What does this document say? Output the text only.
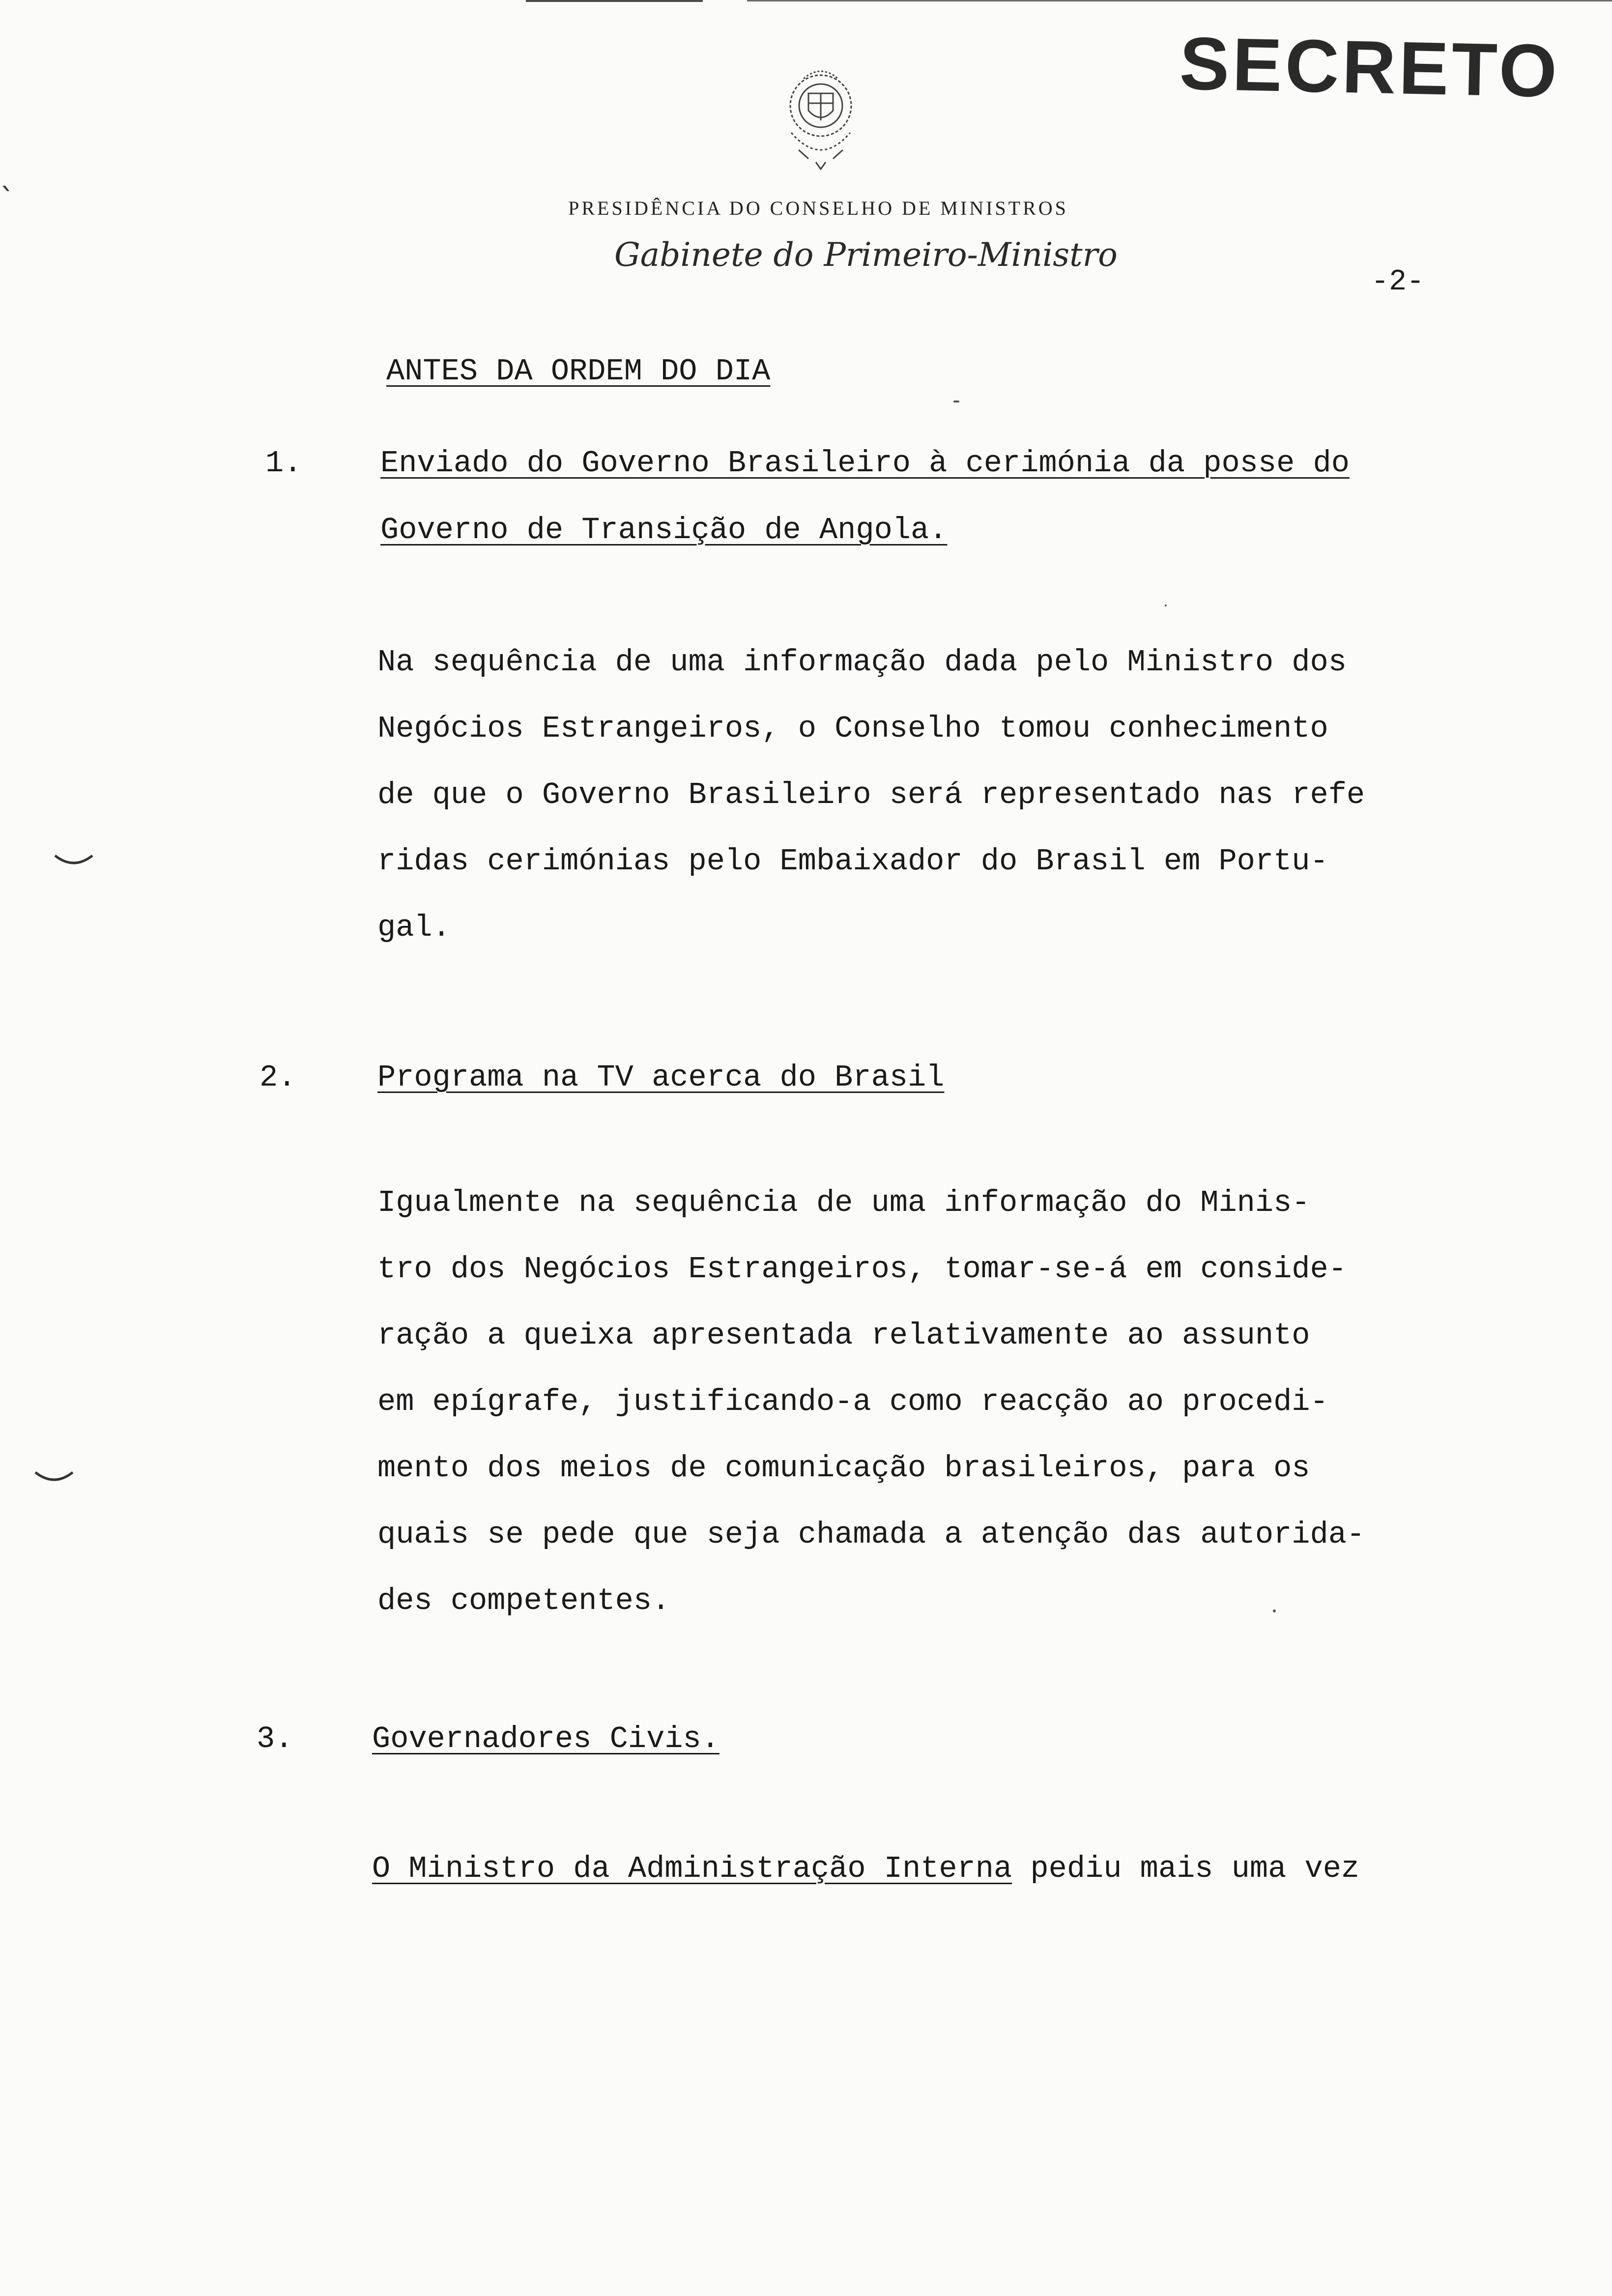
SECRETO
PRESIDÊNCIA DO CONSELHO DE MINISTROS
Gabinete do Primeiro-Ministro
-2-
ANTES DA ORDEM DO DIA
1.	Enviado do Governo Brasileiro à cerimónia da posse do
Governo de Transição de Angola.
Na sequência de uma informação dada pelo Ministro dos
Negócios Estrangeiros, o Conselho tomou conhecimento
de que o Governo Brasileiro será representado nas refe
ridas cerimónias pelo Embaixador do Brasil em Portu-
gal.
2.	Programa na TV acerca do Brasil
Igualmente na sequência de uma informação do Minis-
tro dos Negócios Estrangeiros, tomar-se-á em conside-
ração a queixa apresentada relativamente ao assunto
em epígrafe, justificando-a como reacção ao procedi-
mento dos meios de comunicação brasileiros, para os
quais se pede que seja chamada a atenção das autorida-
des competentes.
3.	Governadores Civis.
O Ministro da Administração Interna pediu mais uma vez
ˎ
